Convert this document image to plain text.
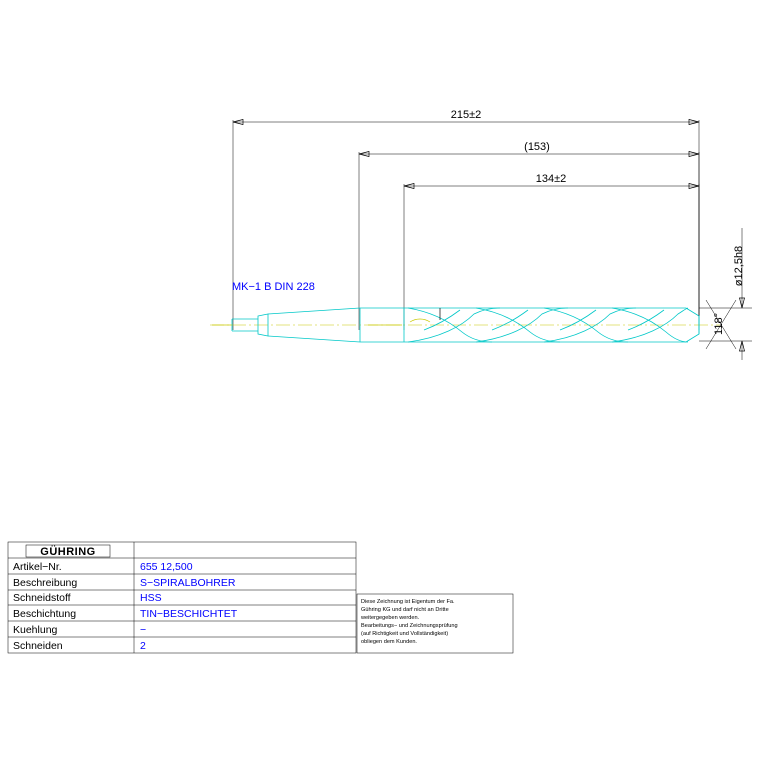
215±2
(153)
134±2
ø12,5h8
118°
MK−1 B DIN 228
GÜHRING
Artikel−Nr.
Beschreibung
Schneidstoff
Beschichtung
Kuehlung
Schneiden
655 12,500
S−SPIRALBOHRER
HSS
TIN−BESCHICHTET
−
2
Diese Zeichnung ist Eigentum der Fa.
Gühring KG und darf nicht an Dritte
weitergegeben werden.
Bearbeitungs− und Zeichnungsprüfung
(auf Richtigkeit und Vollständigkeit)
obliegen dem Kunden.
